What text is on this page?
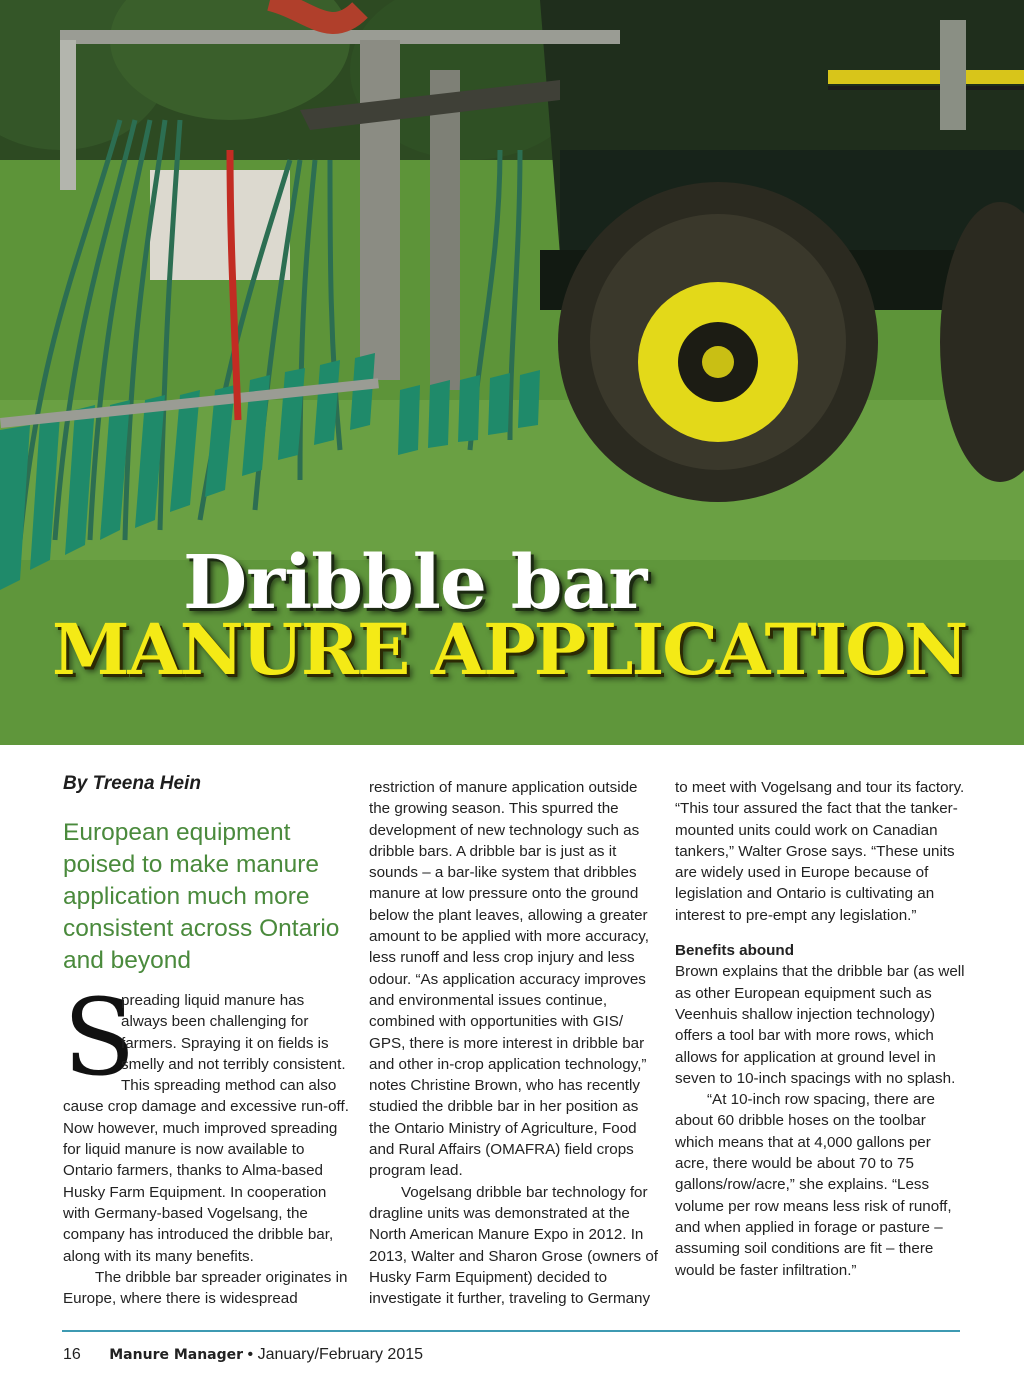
Dribble bar
MANURE APPLICATION
By Treena Hein
European equipment poised to make manure application much more consistent across Ontario and beyond
S
preading liquid manure has always been challenging for farmers. Spraying it on fields is smelly and not terribly consistent. This spreading method can also

cause crop damage and excessive run-off. Now however, much improved spreading for liquid manure is now available to Ontario farmers, thanks to Alma-based Husky Farm Equipment. In cooperation with Germany-based Vogelsang, the company has introduced the dribble bar, along with its many benefits.

The dribble bar spreader originates in Europe, where there is widespread

restriction of manure application outside the growing season. This spurred the development of new technology such as dribble bars. A dribble bar is just as it sounds – a bar-like system that dribbles manure at low pressure onto the ground below the plant leaves, allowing a greater amount to be applied with more accuracy, less runoff and less crop injury and less odour. “As application accuracy improves and environmental issues continue, combined with opportunities with GIS/ GPS, there is more interest in dribble bar and other in-crop application technology,” notes Christine Brown, who has recently studied the dribble bar in her position as the Ontario Ministry of Agriculture, Food and Rural Affairs (OMAFRA) field crops program lead.

Vogelsang dribble bar technology for dragline units was demonstrated at the North American Manure Expo in 2012. In 2013, Walter and Sharon Grose (owners of Husky Farm Equipment) decided to investigate it further, traveling to Germany

to meet with Vogelsang and tour its factory. “This tour assured the fact that the tanker-mounted units could work on Canadian tankers,” Walter Grose says. “These units are widely used in Europe because of legislation and Ontario is cultivating an interest to pre-empt any legislation.”

Benefits abound

Brown explains that the dribble bar (as well as other European equipment such as Veenhuis shallow injection technology) offers a tool bar with more rows, which allows for application at ground level in seven to 10-inch spacings with no splash.

“At 10-inch row spacing, there are about 60 dribble hoses on the toolbar which means that at 4,000 gallons per acre, there would be about 70 to 75 gallons/row/acre,” she explains. “Less volume per row means less risk of runoff, and when applied in forage or pasture – assuming soil conditions are fit – there would be faster infiltration.”

16 Manure Manager • January/February 2015
